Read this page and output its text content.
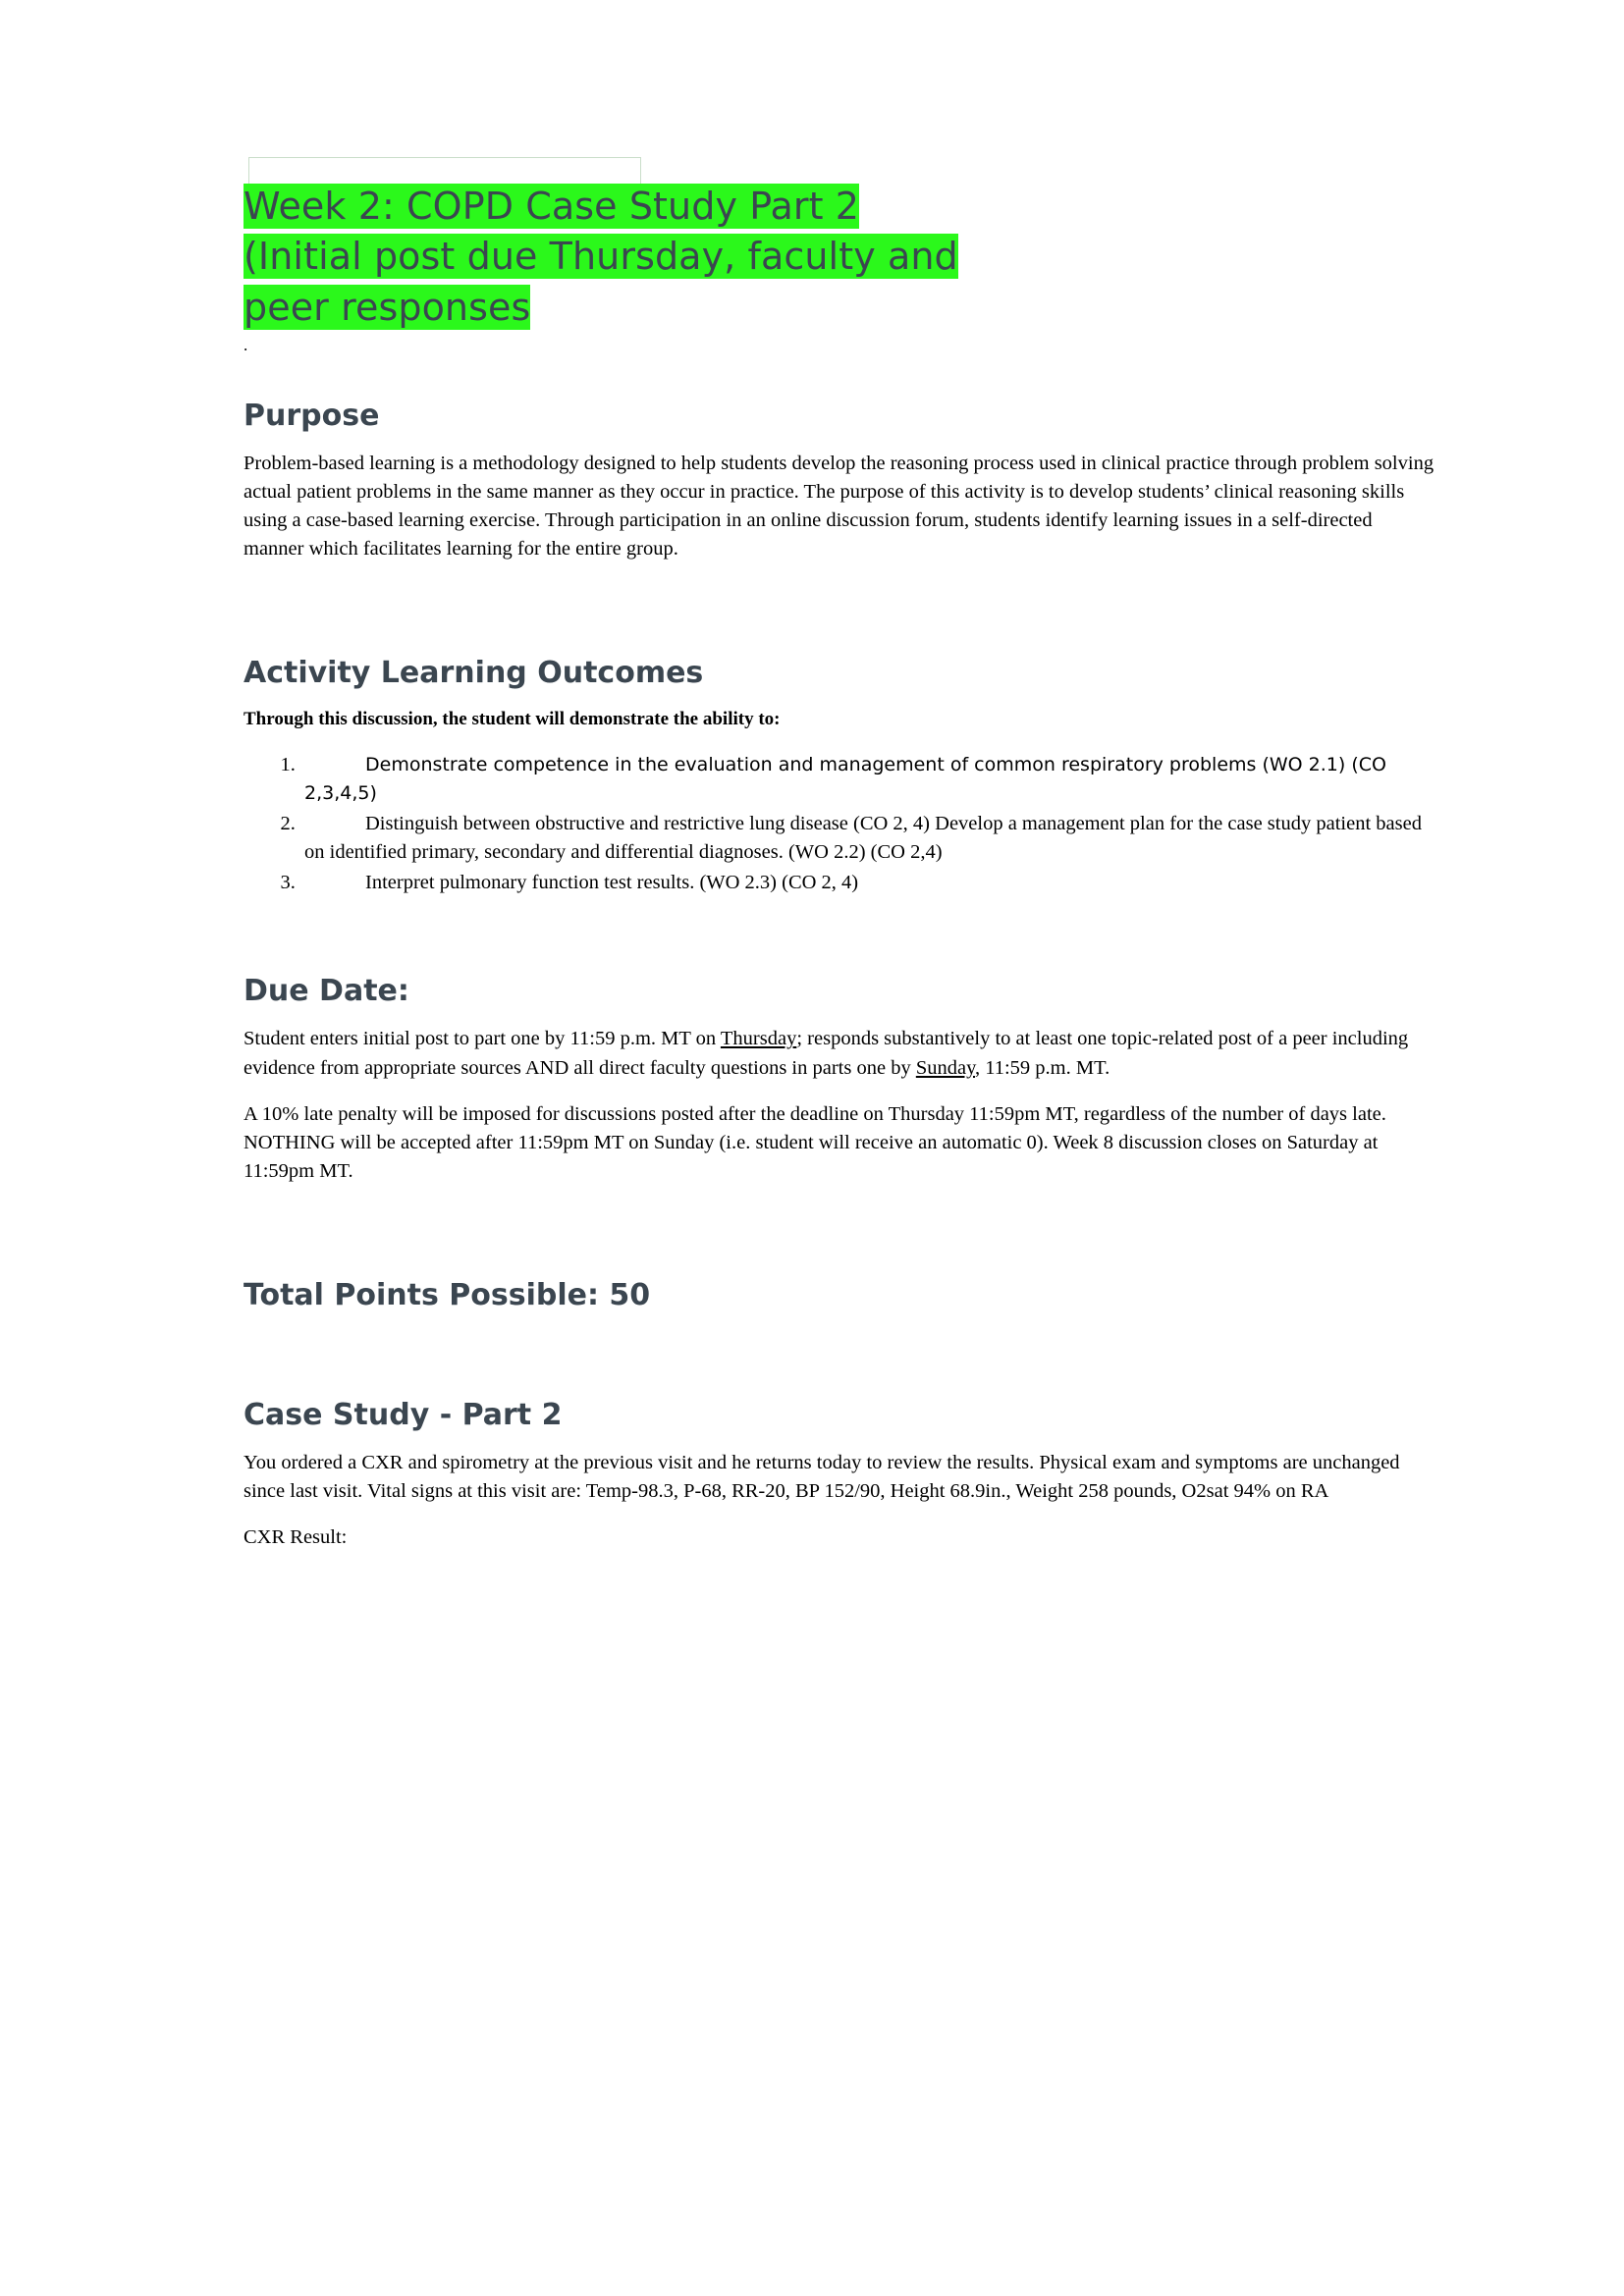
Week 2: COPD Case Study Part 2
(Initial post due Thursday, faculty and
peer responses

.

Purpose

Problem-based learning is a methodology designed to help students develop the reasoning process used in clinical practice through problem solving actual patient problems in the same manner as they occur in practice. The purpose of this activity is to develop students’ clinical reasoning skills using a case-based learning exercise. Through participation in an online discussion forum, students identify learning issues in a self-directed manner which facilitates learning for the entire group.

Activity Learning Outcomes

Through this discussion, the student will demonstrate the ability to:

1. Demonstrate competence in the evaluation and management of common respiratory problems (WO 2.1) (CO 2,3,4,5)
2. Distinguish between obstructive and restrictive lung disease (CO 2, 4) Develop a management plan for the case study patient based on identified primary, secondary and differential diagnoses. (WO 2.2) (CO 2,4)
3. Interpret pulmonary function test results. (WO 2.3) (CO 2, 4)
Due Date:

Student enters initial post to part one by 11:59 p.m. MT on Thursday; responds substantively to at least one topic-related post of a peer including evidence from appropriate sources AND all direct faculty questions in parts one by Sunday, 11:59 p.m. MT.

A 10% late penalty will be imposed for discussions posted after the deadline on Thursday 11:59pm MT, regardless of the number of days late. NOTHING will be accepted after 11:59pm MT on Sunday (i.e. student will receive an automatic 0). Week 8 discussion closes on Saturday at 11:59pm MT.

Total Points Possible: 50
Case Study - Part 2

You ordered a CXR and spirometry at the previous visit and he returns today to review the results. Physical exam and symptoms are unchanged since last visit. Vital signs at this visit are: Temp-98.3, P-68, RR-20, BP 152/90, Height 68.9in., Weight 258 pounds, O2sat 94% on RA

CXR Result:
